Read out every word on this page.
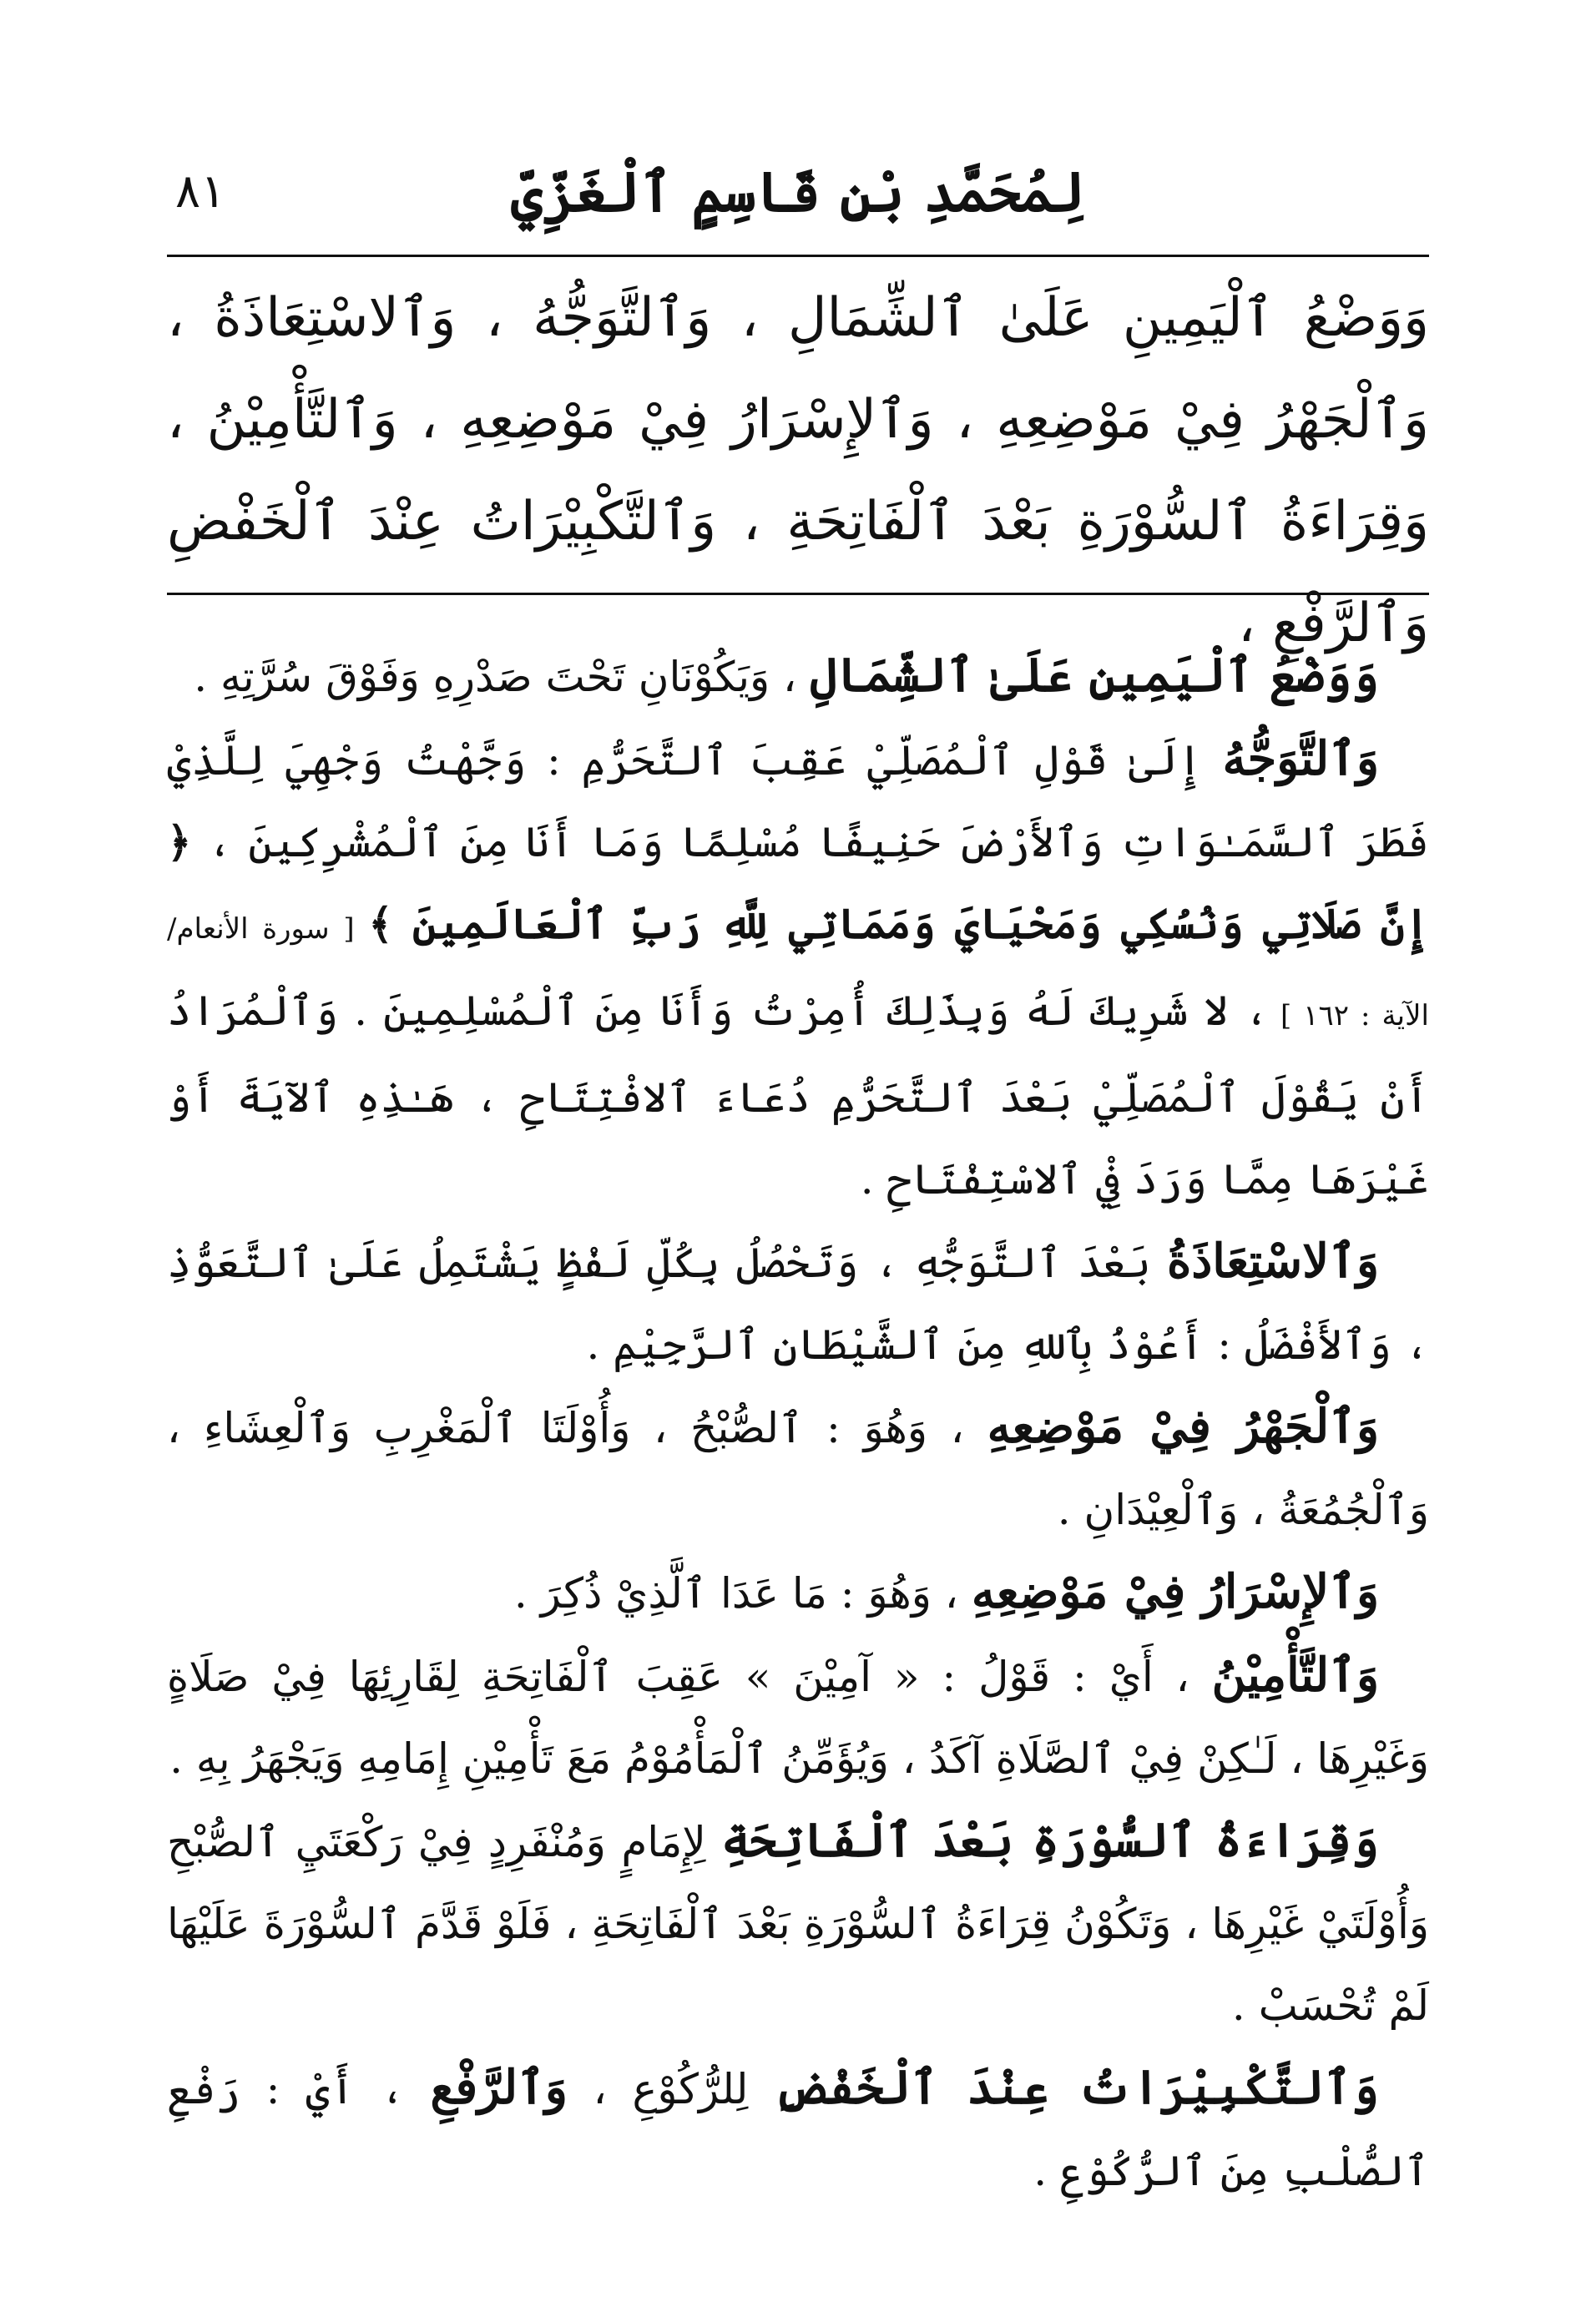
لِمُحَمَّدِ بْنِ قَاسِمٍ ٱلْغَزِّيِّ
٨١

وَوَضْعُ ٱلْيَمِينِ عَلَىٰ ٱلشِّمَالِ ، وَٱلتَّوَجُّهُ ، وَٱلاسْتِعَاذَةُ ، وَٱلْجَهْرُ فِيْ مَوْضِعِهِ ، وَٱلإِسْرَارُ فِيْ مَوْضِعِهِ ، وَٱلتَّأْمِيْنُ ، وَقِرَاءَةُ ٱلسُّوْرَةِ بَعْدَ ٱلْفَاتِحَةِ ، وَٱلتَّكْبِيْرَاتُ عِنْدَ ٱلْخَفْضِ وَٱلرَّفْعِ ،

وَوَضْعُ ٱلْيَمِينِ عَلَىٰ ٱلشِّمَالِ ، وَيَكُوْنَانِ تَحْتَ صَدْرِهِ وَفَوْقَ سُرَّتِهِ .

وَٱلتَّوَجُّهُ إِلَىٰ قَوْلِ ٱلْمُصَلِّيْ عَقِبَ ٱلتَّحَرُّمِ : وَجَّهْتُ وَجْهِيَ لِلَّذِيْ فَطَرَ ٱلسَّمَـٰوَاتِ وَٱلأَرْضَ حَنِيفًا مُسْلِمًا وَمَا أَنَا مِنَ ٱلْمُشْرِكِينَ ، ﴿ إِنَّ صَلَاتِي وَنُسُكِي وَمَحْيَايَ وَمَمَاتِي لِلَّهِ رَبِّ ٱلْعَالَمِينَ ﴾ [ سورة الأنعام/ الآية : ١٦٢ ] ، لا شَرِيكَ لَهُ وَبِذَلِكَ أُمِرْتُ وَأَنَا مِنَ ٱلْمُسْلِمِينَ . وَٱلْمُرَادُ أَنْ يَقُوْلَ ٱلْمُصَلِّيْ بَعْدَ ٱلتَّحَرُّمِ دُعَاءَ ٱلافْتِتَاحِ ، هَـٰذِهِ ٱلآيَةَ أَوْ غَيْرَهَا مِمَّا وَرَدَ فِيْ ٱلاسْتِفْتَاحِ .

وَٱلاسْتِعَاذَةُ بَعْدَ ٱلتَّوَجُّهِ ، وَتَحْصُلُ بِكُلِّ لَفْظٍ يَشْتَمِلُ عَلَىٰ ٱلتَّعَوُّذِ ، وَٱلأَفْضَلُ : أَعُوْذُ بِٱللهِ مِنَ ٱلشَّيْطَانِ ٱلرَّجِيْمِ .

وَٱلْجَهْرُ فِيْ مَوْضِعِهِ ، وَهُوَ : ٱلصُّبْحُ ، وَأُوْلَتَا ٱلْمَغْرِبِ وَٱلْعِشَاءِ ، وَٱلْجُمُعَةُ ، وَٱلْعِيْدَانِ .

وَٱلإِسْرَارُ فِيْ مَوْضِعِهِ ، وَهُوَ : مَا عَدَا ٱلَّذِيْ ذُكِرَ .

وَٱلتَّأْمِيْنُ ، أَيْ : قَوْلُ : « آمِيْنَ » عَقِبَ ٱلْفَاتِحَةِ لِقَارِئِهَا فِيْ صَلَاةٍ وَغَيْرِهَا ، لَـٰكِنْ فِيْ ٱلصَّلَاةِ آكَدُ ، وَيُؤَمِّنُ ٱلْمَأْمُوْمُ مَعَ تَأْمِيْنِ إِمَامِهِ وَيَجْهَرُ بِهِ .

وَقِرَاءَةُ ٱلسُّوْرَةِ بَعْدَ ٱلْفَاتِحَةِ لِإِمَامٍ وَمُنْفَرِدٍ فِيْ رَكْعَتَيِ ٱلصُّبْحِ وَأُوْلَتَيْ غَيْرِهَا ، وَتَكُوْنُ قِرَاءَةُ ٱلسُّوْرَةِ بَعْدَ ٱلْفَاتِحَةِ ، فَلَوْ قَدَّمَ ٱلسُّوْرَةَ عَلَيْهَا لَمْ تُحْسَبْ .

وَٱلتَّكْبِيْرَاتُ عِنْدَ ٱلْخَفْضِ لِلرُّكُوْعِ ، وَٱلرَّفْعِ ، أَيْ : رَفْعِ ٱلصُّلْبِ مِنَ ٱلرُّكُوْعِ .
